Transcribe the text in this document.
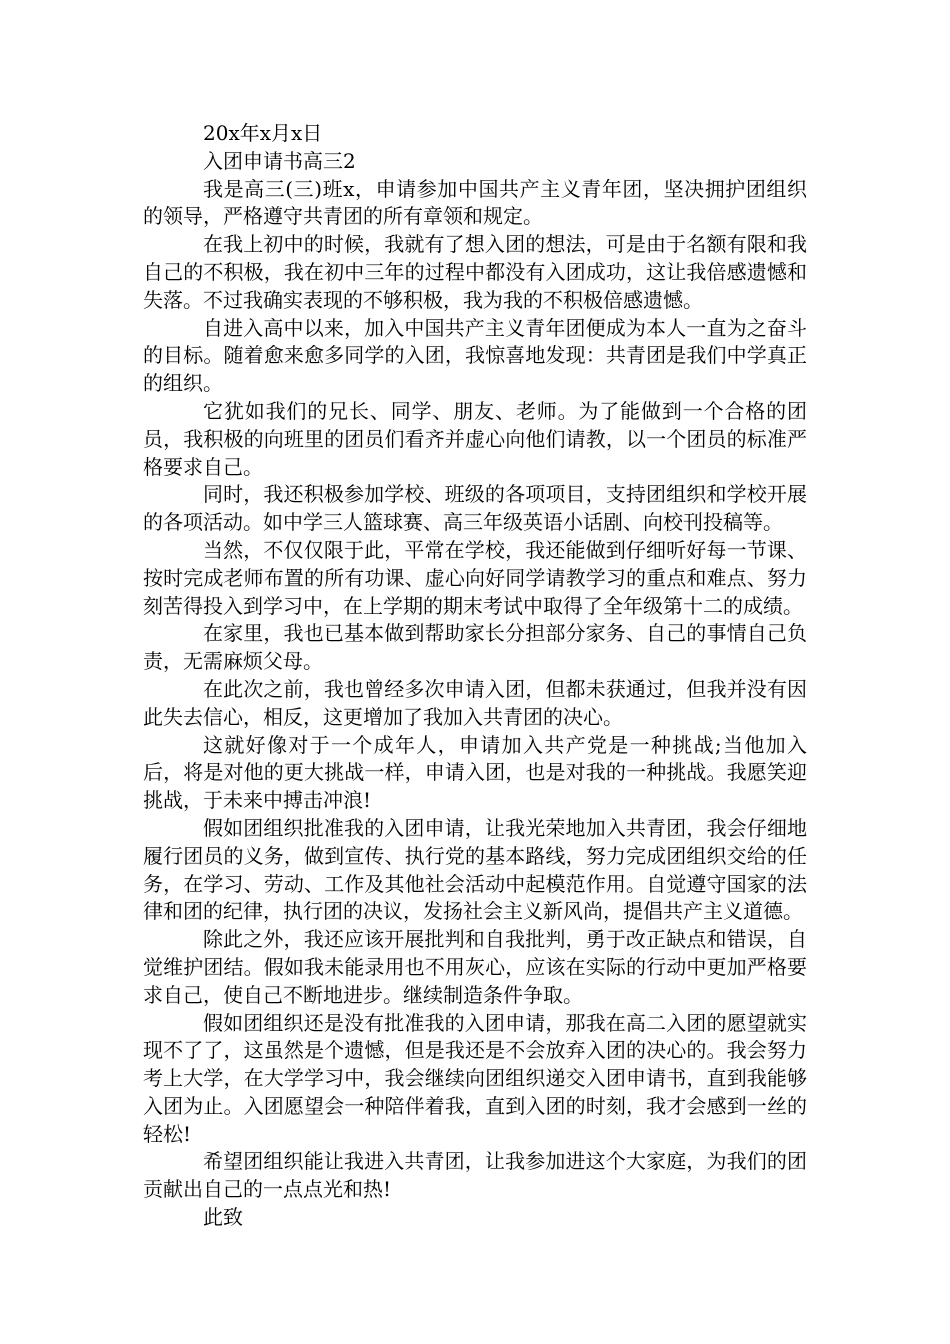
20x年x月x日

入团申请书高三2

我是高三(三)班x，申请参加中国共产主义青年团，坚决拥护团组织的领导，严格遵守共青团的所有章领和规定。

在我上初中的时候，我就有了想入团的想法，可是由于名额有限和我自己的不积极，我在初中三年的过程中都没有入团成功，这让我倍感遗憾和失落。不过我确实表现的不够积极，我为我的不积极倍感遗憾。

自进入高中以来，加入中国共产主义青年团便成为本人一直为之奋斗的目标。随着愈来愈多同学的入团，我惊喜地发现：共青团是我们中学真正的组织。

它犹如我们的兄长、同学、朋友、老师。为了能做到一个合格的团员，我积极的向班里的团员们看齐并虚心向他们请教，以一个团员的标准严格要求自己。

同时，我还积极参加学校、班级的各项项目，支持团组织和学校开展的各项活动。如中学三人篮球赛、高三年级英语小话剧、向校刊投稿等。

当然，不仅仅限于此，平常在学校，我还能做到仔细听好每一节课、按时完成老师布置的所有功课、虚心向好同学请教学习的重点和难点、努力刻苦得投入到学习中，在上学期的期末考试中取得了全年级第十二的成绩。

在家里，我也已基本做到帮助家长分担部分家务、自己的事情自己负责，无需麻烦父母。

在此次之前，我也曾经多次申请入团，但都未获通过，但我并没有因此失去信心，相反，这更增加了我加入共青团的决心。

这就好像对于一个成年人，申请加入共产党是一种挑战;当他加入后，将是对他的更大挑战一样，申请入团，也是对我的一种挑战。我愿笑迎挑战，于未来中搏击冲浪!

假如团组织批准我的入团申请，让我光荣地加入共青团，我会仔细地履行团员的义务，做到宣传、执行党的基本路线，努力完成团组织交给的任务，在学习、劳动、工作及其他社会活动中起模范作用。自觉遵守国家的法律和团的纪律，执行团的决议，发扬社会主义新风尚，提倡共产主义道德。

除此之外，我还应该开展批判和自我批判，勇于改正缺点和错误，自觉维护团结。假如我未能录用也不用灰心，应该在实际的行动中更加严格要求自己，使自己不断地进步。继续制造条件争取。

假如团组织还是没有批准我的入团申请，那我在高二入团的愿望就实现不了了，这虽然是个遗憾，但是我还是不会放弃入团的决心的。我会努力考上大学，在大学学习中，我会继续向团组织递交入团申请书，直到我能够入团为止。入团愿望会一种陪伴着我，直到入团的时刻，我才会感到一丝的轻松!

希望团组织能让我进入共青团，让我参加进这个大家庭，为我们的团贡献出自己的一点点光和热!

此致
